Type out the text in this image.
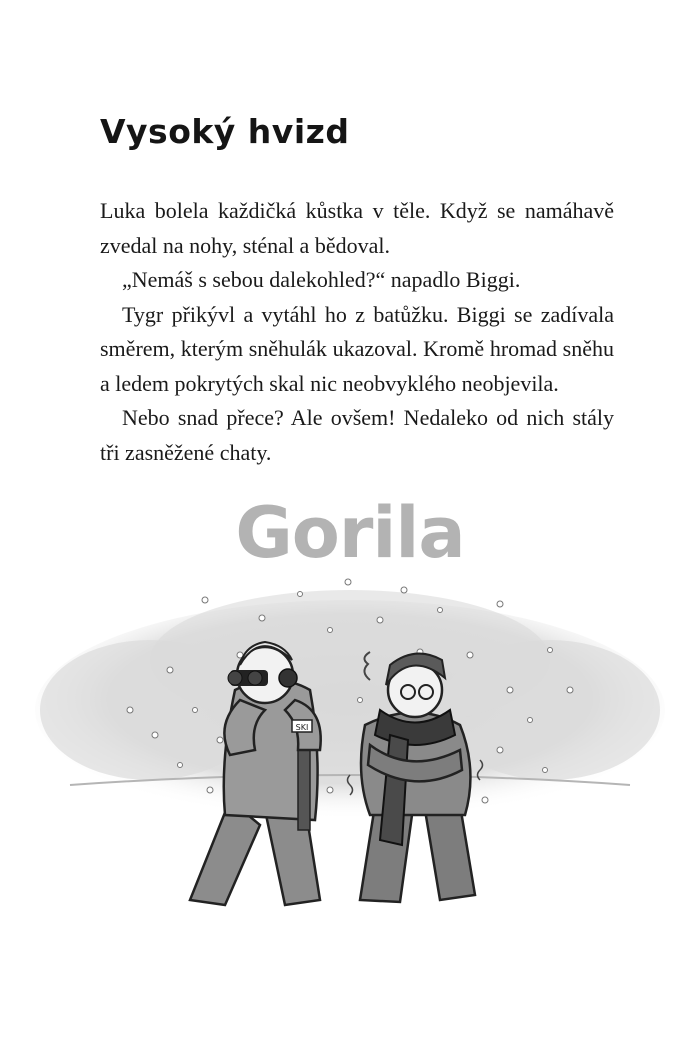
Vysoký hvizd

Luka bolela každičká kůstka v těle. Když se namáhavě zvedal na nohy, sténal a bědoval.

„Nemáš s sebou dalekohled?“ napadlo Biggi.

Tygr přikývl a vytáhl ho z batůžku. Biggi se zadívala směrem, kterým sněhulák ukazoval. Kromě hromad sněhu a ledem pokrytých skal nic neobvyklého neobjevila.

Nebo snad přece? Ale ovšem! Nedaleko od nich stály tři zasněžené chaty.

SKI
Gorila
